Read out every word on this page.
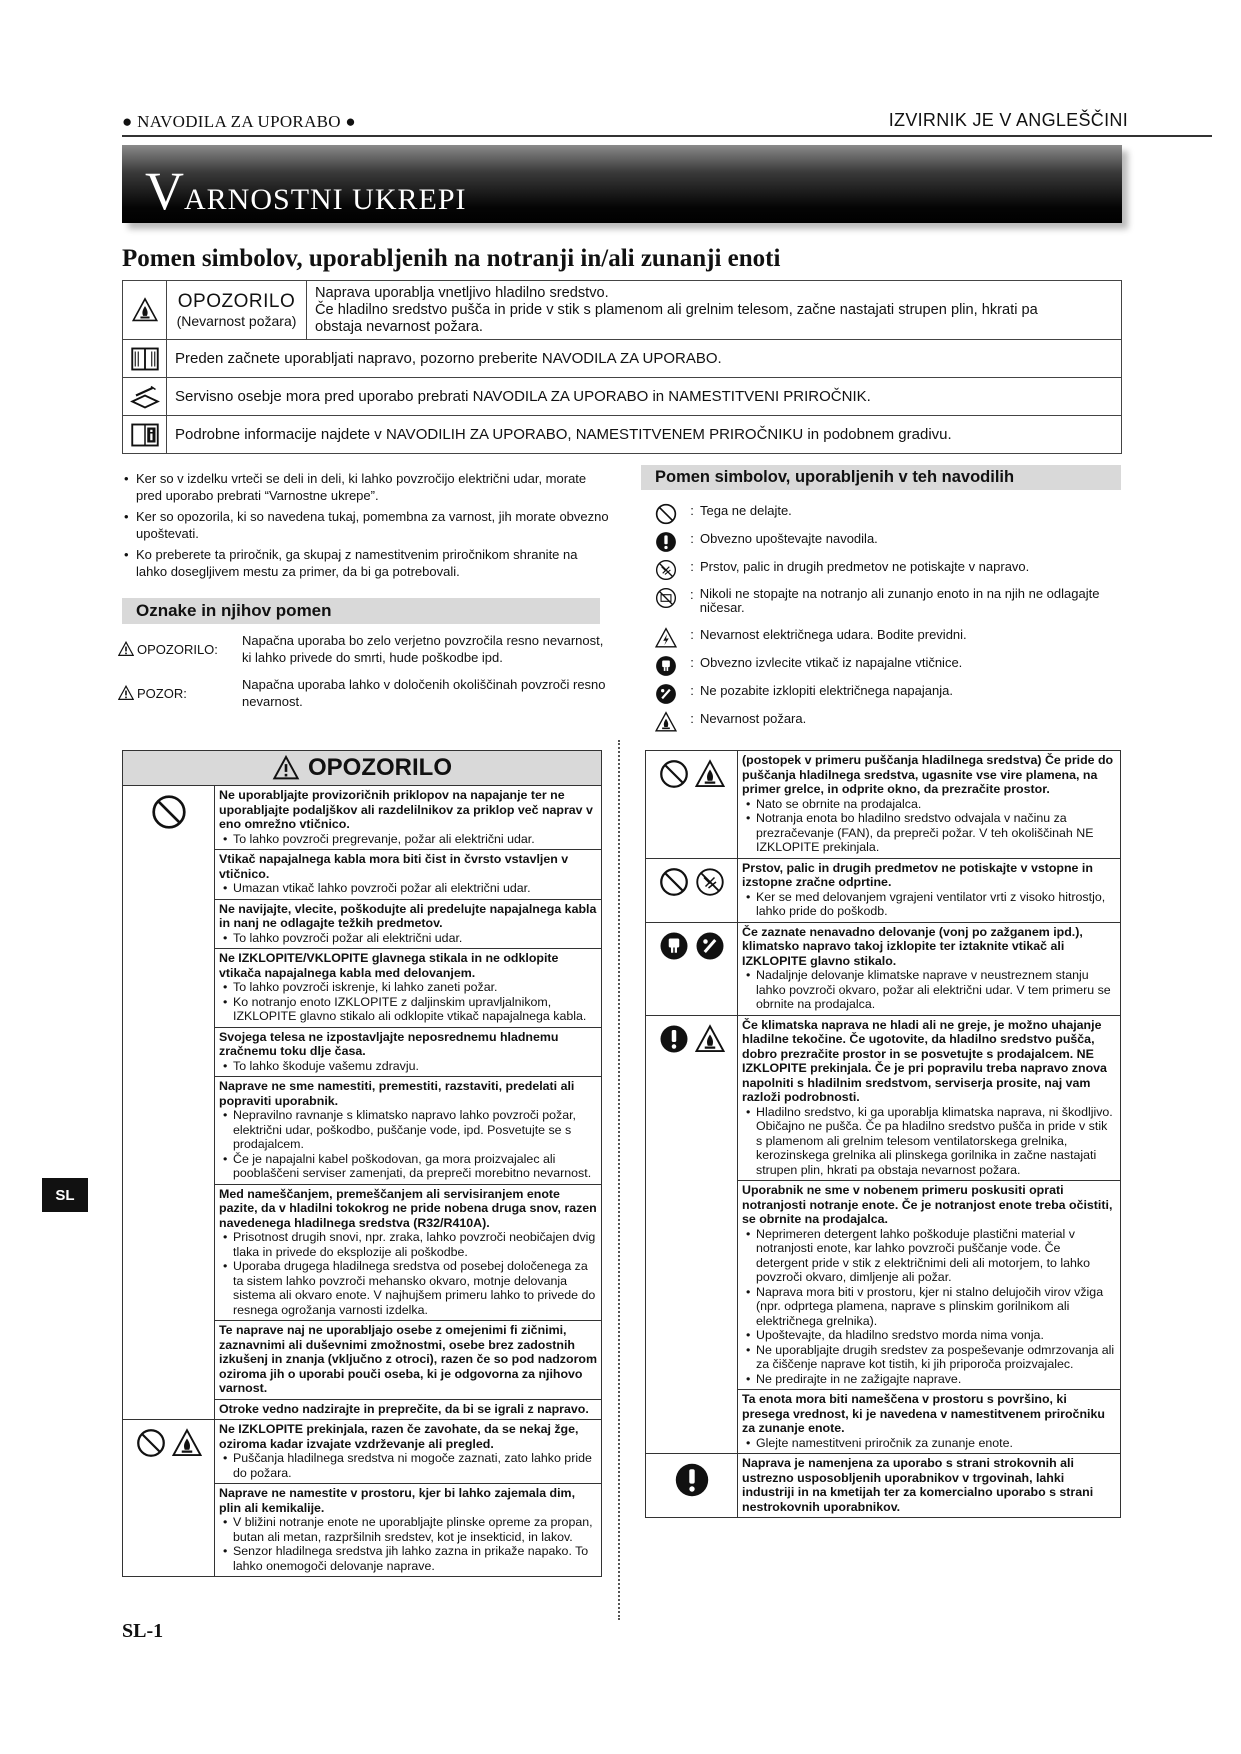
● NAVODILA ZA UPORABO ●	IZVIRNIK JE V ANGLEŠČINI
VARNOSTNI UKREPI
Pomen simbolov, uporabljenih na notranji in/ali zunanji enoti
OPOZORILO
(Nevarnost požara)
Naprava uporablja vnetljivo hladilno sredstvo.
Če hladilno sredstvo pušča in pride v stik s plamenom ali grelnim telesom, začne nastajati strupen plin, hkrati pa
obstaja nevarnost požara.
Preden začnete uporabljati napravo, pozorno preberite NAVODILA ZA UPORABO.
Servisno osebje mora pred uporabo prebrati NAVODILA ZA UPORABO in NAMESTITVENI PRIROČNIK.
Podrobne informacije najdete v NAVODILIH ZA UPORABO, NAMESTITVENEM PRIROČNIKU in podobnem gradivu.
• Ker so v izdelku vrteči se deli in deli, ki lahko povzročijo električni udar, morate pred uporabo prebrati “Varnostne ukrepe”.
• Ker so opozorila, ki so navedena tukaj, pomembna za varnost, jih morate obvezno upoštevati.
• Ko preberete ta priročnik, ga skupaj z namestitvenim priročnikom shranite na lahko dosegljivem mestu za primer, da bi ga potrebovali.
Oznake in njihov pomen
OPOZORILO:
Napačna uporaba bo zelo verjetno povzročila resno nevarnost, ki lahko privede do smrti, hude poškodbe ipd.
POZOR:
Napačna uporaba lahko v določenih okoliščinah povzroči resno nevarnost.
Pomen simbolov, uporabljenih v teh navodilih
: Tega ne delajte.
: Obvezno upoštevajte navodila.
: Prstov, palic in drugih predmetov ne potiskajte v napravo.
: Nikoli ne stopajte na notranjo ali zunanjo enoto in na njih ne odlagajte ničesar.
: Nevarnost električnega udara. Bodite previdni.
: Obvezno izvlecite vtikač iz napajalne vtičnice.
: Ne pozabite izklopiti električnega napajanja.
: Nevarnost požara.
SL
OPOZORILO
Ne uporabljajte provizoričnih priklopov na napajanje ter ne uporabljajte podaljškov ali razdelilnikov za priklop več naprav v eno omrežno vtičnico.
• To lahko povzroči pregrevanje, požar ali električni udar.
Vtikač napajalnega kabla mora biti čist in čvrsto vstavljen v vtičnico.
• Umazan vtikač lahko povzroči požar ali električni udar.
Ne navijajte, vlecite, poškodujte ali predelujte napajalnega kabla in nanj ne odlagajte težkih predmetov.
• To lahko povzroči požar ali električni udar.
Ne IZKLOPITE/VKLOPITE glavnega stikala in ne odklopite vtikača napajalnega kabla med delovanjem.
• To lahko povzroči iskrenje, ki lahko zaneti požar.
• Ko notranjo enoto IZKLOPITE z daljinskim upravljalnikom, IZKLOPITE glavno stikalo ali odklopite vtikač napajalnega kabla.
Svojega telesa ne izpostavljajte neposrednemu hladnemu zračnemu toku dlje časa.
• To lahko škoduje vašemu zdravju.
Naprave ne sme namestiti, premestiti, razstaviti, predelati ali popraviti uporabnik.
• Nepravilno ravnanje s klimatsko napravo lahko povzroči požar, električni udar, poškodbo, puščanje vode, ipd. Posvetujte se s prodajalcem.
• Če je napajalni kabel poškodovan, ga mora proizvajalec ali pooblaščeni serviser zamenjati, da prepreči morebitno nevarnost.
Med nameščanjem, premeščanjem ali servisiranjem enote pazite, da v hladilni tokokrog ne pride nobena druga snov, razen navedenega hladilnega sredstva (R32/R410A).
• Prisotnost drugih snovi, npr. zraka, lahko povzroči neobičajen dvig tlaka in privede do eksplozije ali poškodbe.
• Uporaba drugega hladilnega sredstva od posebej določenega za ta sistem lahko povzroči mehansko okvaro, motnje delovanja sistema ali okvaro enote. V najhujšem primeru lahko to privede do resnega ogrožanja varnosti izdelka.
Te naprave naj ne uporabljajo osebe z omejenimi fi zičnimi, zaznavnimi ali duševnimi zmožnostmi, osebe brez zadostnih izkušenj in znanja (vključno z otroci), razen če so pod nadzorom oziroma jih o uporabi pouči oseba, ki je odgovorna za njihovo varnost.
Otroke vedno nadzirajte in preprečite, da bi se igrali z napravo.
Ne IZKLOPITE prekinjala, razen če zavohate, da se nekaj žge, oziroma kadar izvajate vzdrževanje ali pregled.
• Puščanja hladilnega sredstva ni mogoče zaznati, zato lahko pride do požara.
Naprave ne namestite v prostoru, kjer bi lahko zajemala dim, plin ali kemikalije.
• V bližini notranje enote ne uporabljajte plinske opreme za propan, butan ali metan, razpršilnih sredstev, kot je insekticid, in lakov.
• Senzor hladilnega sredstva jih lahko zazna in prikaže napako. To lahko onemogoči delovanje naprave.
(postopek v primeru puščanja hladilnega sredstva) Če pride do puščanja hladilnega sredstva, ugasnite vse vire plamena, na primer grelce, in odprite okno, da prezračite prostor.
• Nato se obrnite na prodajalca.
• Notranja enota bo hladilno sredstvo odvajala v načinu za prezračevanje (FAN), da prepreči požar. V teh okoliščinah NE IZKLOPITE prekinjala.
Prstov, palic in drugih predmetov ne potiskajte v vstopne in izstopne zračne odprtine.
• Ker se med delovanjem vgrajeni ventilator vrti z visoko hitrostjo, lahko pride do poškodb.
Če zaznate nenavadno delovanje (vonj po zažganem ipd.), klimatsko napravo takoj izklopite ter iztaknite vtikač ali IZKLOPITE glavno stikalo.
• Nadaljnje delovanje klimatske naprave v neustreznem stanju lahko povzroči okvaro, požar ali električni udar. V tem primeru se obrnite na prodajalca.
Če klimatska naprava ne hladi ali ne greje, je možno uhajanje hladilne tekočine. Če ugotovite, da hladilno sredstvo pušča, dobro prezračite prostor in se posvetujte s prodajalcem. NE IZKLOPITE prekinjala. Če je pri popravilu treba napravo znova napolniti s hladilnim sredstvom, serviserja prosite, naj vam razloži podrobnosti.
• Hladilno sredstvo, ki ga uporablja klimatska naprava, ni škodljivo. Običajno ne pušča. Če pa hladilno sredstvo pušča in pride v stik s plamenom ali grelnim telesom ventilatorskega grelnika, kerozinskega grelnika ali plinskega gorilnika in začne nastajati strupen plin, hkrati pa obstaja nevarnost požara.
Uporabnik ne sme v nobenem primeru poskusiti oprati notranjosti notranje enote. Če je notranjost enote treba očistiti, se obrnite na prodajalca.
• Neprimeren detergent lahko poškoduje plastični material v notranjosti enote, kar lahko povzroči puščanje vode. Če detergent pride v stik z električnimi deli ali motorjem, to lahko povzroči okvaro, dimljenje ali požar.
• Naprava mora biti v prostoru, kjer ni stalno delujočih virov vžiga (npr. odprtega plamena, naprave s plinskim gorilnikom ali električnega grelnika).
• Upoštevajte, da hladilno sredstvo morda nima vonja.
• Ne uporabljajte drugih sredstev za pospeševanje odmrzovanja ali za čiščenje naprave kot tistih, ki jih priporoča proizvajalec.
• Ne predirajte in ne zažigajte naprave.
Ta enota mora biti nameščena v prostoru s površino, ki presega vrednost, ki je navedena v namestitvenem priročniku za zunanje enote.
• Glejte namestitveni priročnik za zunanje enote.
Naprava je namenjena za uporabo s strani strokovnih ali ustrezno usposobljenih uporabnikov v trgovinah, lahki industriji in na kmetijah ter za komercialno uporabo s strani nestrokovnih uporabnikov.
SL-1
